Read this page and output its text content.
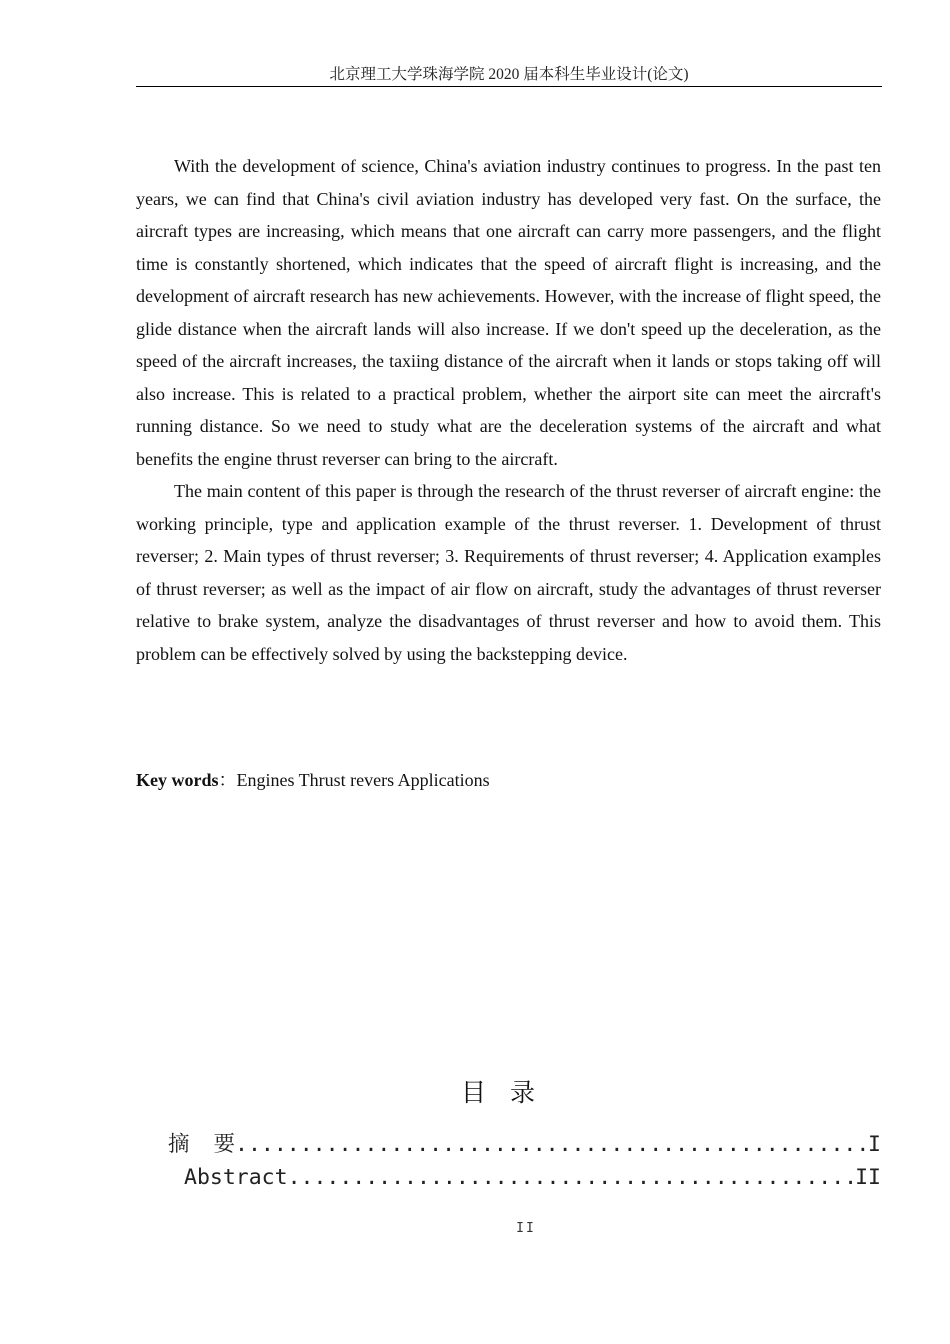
北京理工大学珠海学院 2020 届本科生毕业设计(论文)

With the development of science, China's aviation industry continues to progress. In the past ten years, we can find that China's civil aviation industry has developed very fast. On the surface, the aircraft types are increasing, which means that one aircraft can carry more passengers, and the flight time is constantly shortened, which indicates that the speed of aircraft flight is increasing, and the development of aircraft research has new achievements. However, with the increase of flight speed, the glide distance when the aircraft lands will also increase. If we don't speed up the deceleration, as the speed of the aircraft increases, the taxiing distance of the aircraft when it lands or stops taking off will also increase. This is related to a practical problem, whether the airport site can meet the aircraft's running distance. So we need to study what are the deceleration systems of the aircraft and what benefits the engine thrust reverser can bring to the aircraft.

The main content of this paper is through the research of the thrust reverser of aircraft engine: the working principle, type and application example of the thrust reverser. 1. Development of thrust reverser; 2. Main types of thrust reverser; 3. Requirements of thrust reverser; 4. Application examples of thrust reverser; as well as the impact of air flow on aircraft, study the advantages of thrust reverser relative to brake system, analyze the disadvantages of thrust reverser and how to avoid them. This problem can be effectively solved by using the backstepping device.

Key words：Engines Thrust revers Applications
目录
摘要 .....	I
Abstract .....	II
II
